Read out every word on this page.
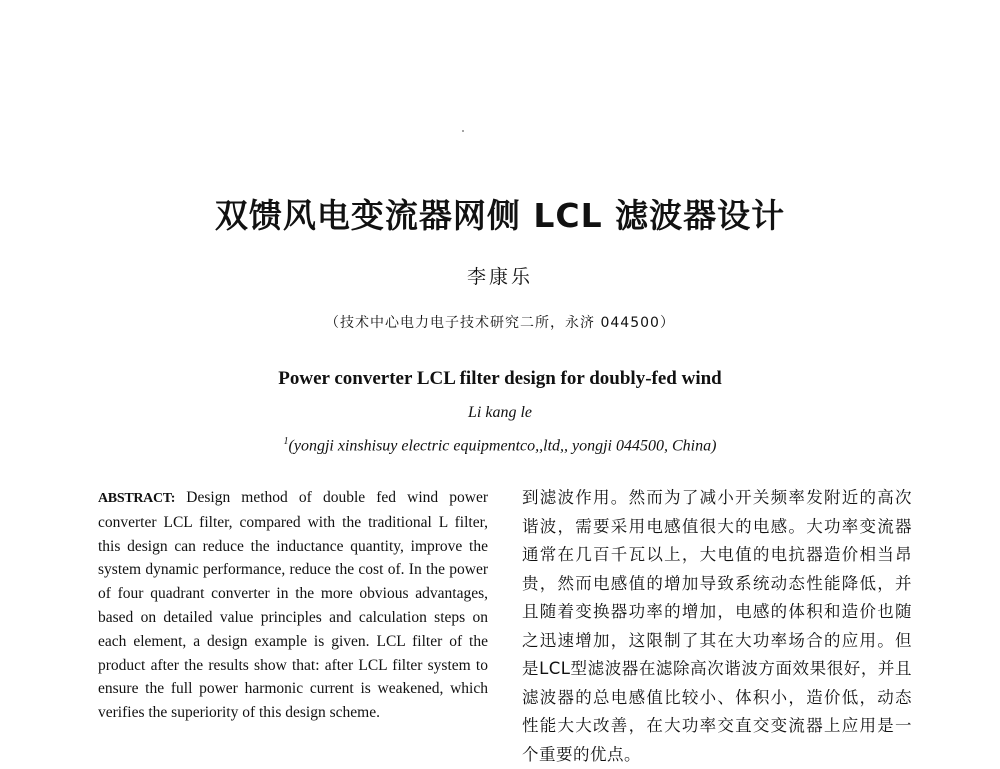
双馈风电变流器网侧 LCL 滤波器设计
李康乐
（技术中心电力电子技术研究二所，永济 044500）
Power converter LCL filter design for doubly-fed wind
Li kang le
$^1$(yongji xinshisuy electric equipmentco,,ltd,, yongji 044500, China)

ABSTRACT: Design method of double fed wind power converter LCL filter, compared with the traditional L filter, this design can reduce the inductance quantity, improve the system dynamic performance, reduce the cost of. In the power of four quadrant converter in the more obvious advantages, based on detailed value principles and calculation steps on each element, a design example is given. LCL filter of the product after the results show that: after LCL filter system to ensure the full power harmonic current is weakened, which verifies the superiority of this design scheme.

到滤波作用。然而为了减小开关频率发附近的高次谐波，需要采用电感值很大的电感。大功率变流器通常在几百千瓦以上，大电值的电抗器造价相当昂贵，然而电感值的增加导致系统动态性能降低，并且随着变换器功率的增加，电感的体积和造价也随之迅速增加，这限制了其在大功率场合的应用。但是LCL型滤波器在滤除高次谐波方面效果很好，并且滤波器的总电感值比较小、体积小，造价低，动态性能大大改善，在大功率交直交变流器上应用是一个重要的优点。
